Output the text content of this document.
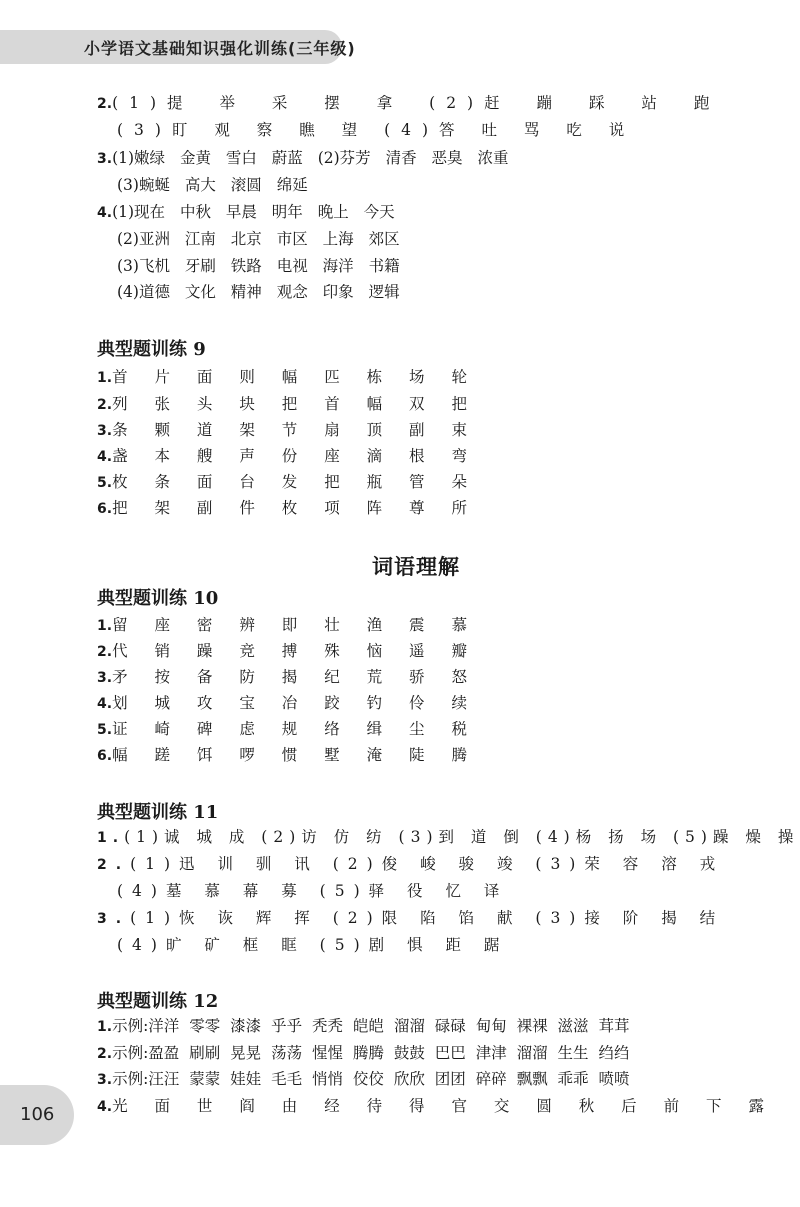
小学语文基础知识强化训练(三年级)
2.(1)提 举 采 摆 拿 (2)赶 蹦 踩 站 跑
(3)盯 观 察 瞧 望 (4)答 吐 骂 吃 说
3.(1)嫩绿 金黄 雪白 蔚蓝 (2)芬芳 清香 恶臭 浓重
(3)蜿蜒 高大 滚圆 绵延
4.(1)现在 中秋 早晨 明年 晚上 今天
(2)亚洲 江南 北京 市区 上海 郊区
(3)飞机 牙刷 铁路 电视 海洋 书籍
(4)道德 文化 精神 观念 印象 逻辑
典型题训练 9
1.首 片 面 则 幅 匹 栋 场 轮
2.列 张 头 块 把 首 幅 双 把
3.条 颗 道 架 节 扇 顶 副 束
4.盏 本 艘 声 份 座 滴 根 弯
5.枚 条 面 台 发 把 瓶 管 朵
6.把 架 副 件 枚 项 阵 尊 所
词语理解
典型题训练 10
1.留 座 密 辨 即 壮 渔 震 慕
2.代 销 躁 竞 搏 殊 恼 遥 瓣
3.矛 按 备 防 揭 纪 荒 骄 怒
4.划 城 攻 宝 冶 跤 钓 伶 续
5.证 崎 碑 虑 规 络 缉 尘 税
6.幅 蹉 饵 啰 惯 墅 淹 陡 腾
典型题训练 11
1.(1)诚 城 成 (2)访 仿 纺 (3)到 道 倒 (4)杨 扬 场 (5)躁 燥 操
2.(1)迅 训 驯 讯 (2)俊 峻 骏 竣 (3)荣 容 溶 戎
(4)墓 慕 幕 募 (5)驿 役 忆 译
3.(1)恢 诙 辉 挥 (2)限 陷 馅 献 (3)接 阶 揭 结
(4)旷 矿 框 眶 (5)剧 惧 距 踞
典型题训练 12
1.示例:洋洋 零零 漆漆 乎乎 秃秃 皑皑 溜溜 碌碌 甸甸 裸裸 滋滋 茸茸
2.示例:盈盈 刷刷 晃晃 荡荡 惺惺 腾腾 鼓鼓 巴巴 津津 溜溜 生生 绉绉
3.示例:汪汪 蒙蒙 娃娃 毛毛 悄悄 佼佼 欣欣 团团 碎碎 飘飘 乖乖 喷喷
4.光 面 世 阎 由 经 待 得 官 交 圆 秋 后 前 下 露
106
